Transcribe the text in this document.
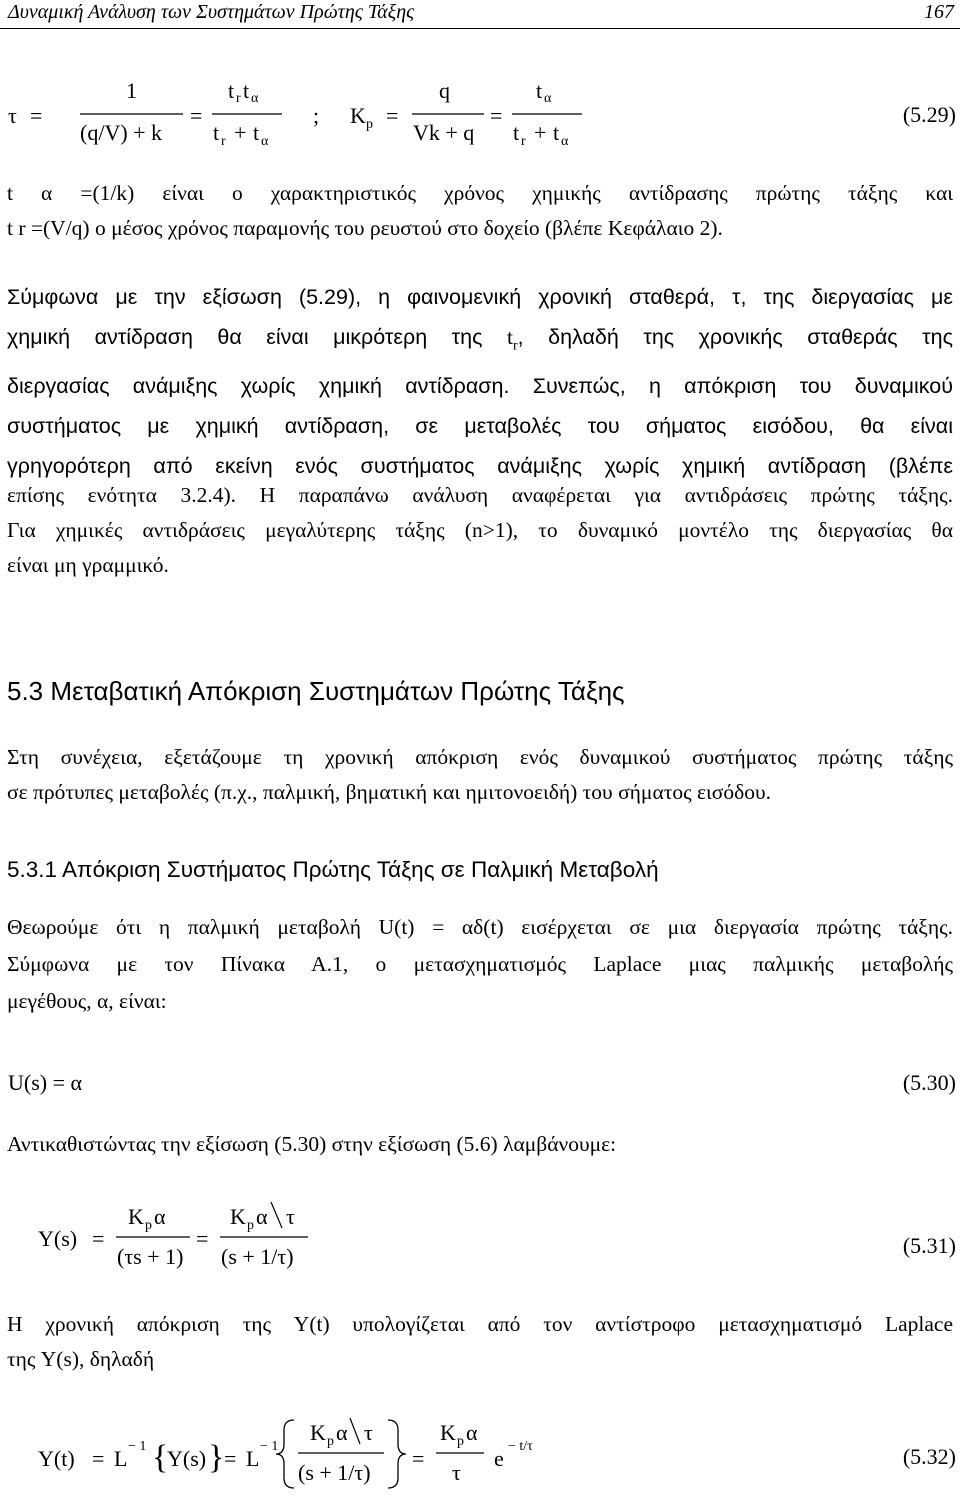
Δυναμική Ανάλυση των Συστημάτων Πρώτης Τάξης	167
τ =
1
(q/V) + k
=
t r t α
t r + t α
; K p =
q
Vk + q
=
t α
t r + t α
(5.29)
t α =(1/k) είναι ο χαρακτηριστικός χρόνος χημικής αντίδρασης πρώτης τάξης και
t r =(V/q) ο μέσος χρόνος παραμονής του ρευστού στο δοχείο (βλέπε Κεφάλαιο 2).
Σύμφωνα με την εξίσωση (5.29), η φαινομενική χρονική σταθερά, τ, της διεργασίας με
χημική αντίδραση θα είναι μικρότερη της $t_r$, δηλαδή της χρονικής σταθεράς της
διεργασίας ανάμιξης χωρίς χημική αντίδραση. Συνεπώς, η απόκριση του δυναμικού
συστήματος με χημική αντίδραση, σε μεταβολές του σήματος εισόδου, θα είναι
γρηγορότερη από εκείνη ενός συστήματος ανάμιξης χωρίς χημική αντίδραση (βλέπε
επίσης ενότητα 3.2.4). Η παραπάνω ανάλυση αναφέρεται για αντιδράσεις πρώτης τάξης.
Για χημικές αντιδράσεις μεγαλύτερης τάξης (n>1), το δυναμικό μοντέλο της διεργασίας θα
είναι μη γραμμικό.
5.3 Μεταβατική Απόκριση Συστημάτων Πρώτης Τάξης
Στη συνέχεια, εξετάζουμε τη χρονική απόκριση ενός δυναμικού συστήματος πρώτης τάξης
σε πρότυπες μεταβολές (π.χ., παλμική, βηματική και ημιτονοειδή) του σήματος εισόδου.
5.3.1 Απόκριση Συστήματος Πρώτης Τάξης σε Παλμική Μεταβολή
Θεωρούμε ότι η παλμική μεταβολή U(t) = αδ(t) εισέρχεται σε μια διεργασία πρώτης τάξης.
Σύμφωνα με τον Πίνακα Α.1, ο μετασχηματισμός Laplace μιας παλμικής μεταβολής
μεγέθους, α, είναι:
U(s) = α	(5.30)
Αντικαθιστώντας την εξίσωση (5.30) στην εξίσωση (5.6) λαμβάνουμε:
Y(s) =
K p α
(τs + 1)
=
K p α τ
(s + 1/τ)	(5.31)
Η χρονική απόκριση της Y(t) υπολογίζεται από τον αντίστροφο μετασχηματισμό Laplace
της Y(s), δηλαδή
Y(t) = L − 1 {
Y(s) } = L − 1
K p α τ
(s + 1/τ)
=
K p α
τ
e − t/τ	(5.32)
